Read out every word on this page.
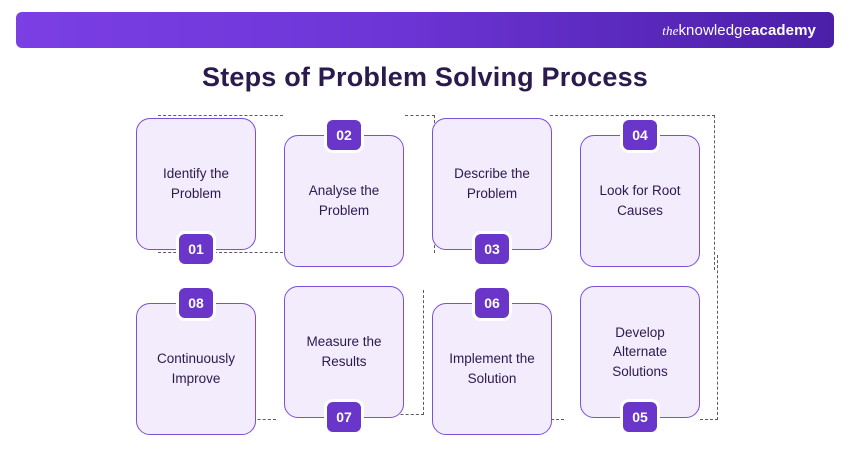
theknowledgeacademy
Steps of Problem Solving Process
Identify the Problem
01
Analyse the Problem
02
Describe the Problem
03
Look for Root Causes
04
Continuously Improve
08
Measure the Results
07
Implement the Solution
06
Develop Alternate Solutions
05
